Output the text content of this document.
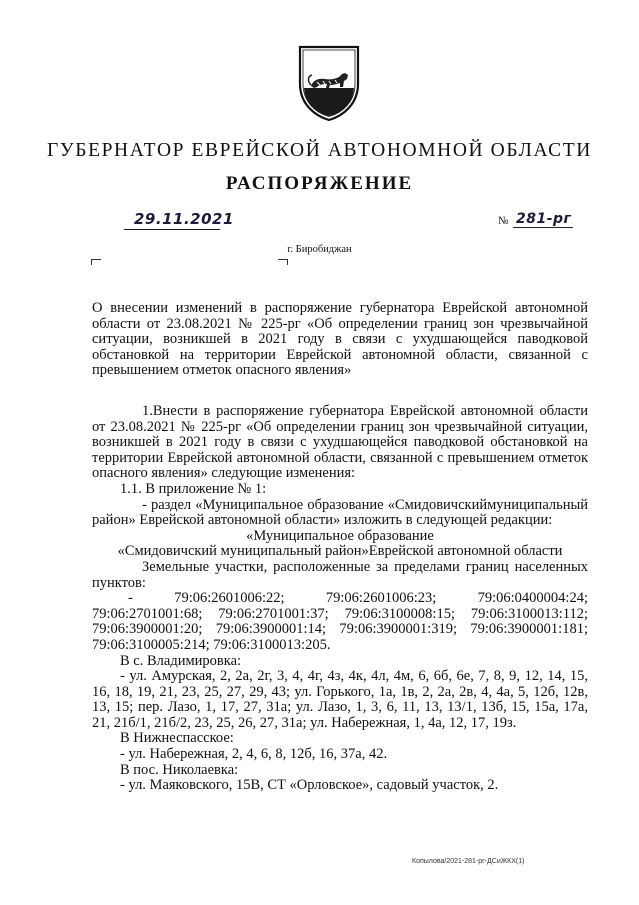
ГУБЕРНАТОР ЕВРЕЙСКОЙ АВТОНОМНОЙ ОБЛАСТИ
РАСПОРЯЖЕНИЕ
29.11.2021	№ 281-рг
г. Биробиджан
О внесении изменений в распоряжение губернатора Еврейской автономной области от 23.08.2021 № 225-рг «Об определении границ зон чрезвычайной ситуации, возникшей в 2021 году в связи с ухудшающейся паводковой обстановкой на территории Еврейской автономной области, связанной с превышением отметок опасного явления»

1.Внести в распоряжение губернатора Еврейской автономной области от 23.08.2021 № 225-рг «Об определении границ зон чрезвычайной ситуации, возникшей в 2021 году в связи с ухудшающейся паводковой обстановкой на территории Еврейской автономной области, связанной с превышением отметок опасного явления» следующие изменения:

1.1. В приложение № 1:

- раздел «Муниципальное образование «Смидовичскиймуниципальный район» Еврейской автономной области» изложить в следующей редакции:

«Муниципальное образование

«Смидовичский муниципальный район»Еврейской автономной области

Земельные участки, расположенные за пределами границ населенных пунктов:

-	79:06:2601006:22;	79:06:2601006:23;	79:06:0400004:24;

79:06:2701001:68; 79:06:2701001:37; 79:06:3100008:15; 79:06:3100013:112; 79:06:3900001:20; 79:06:3900001:14; 79:06:3900001:319; 79:06:3900001:181; 79:06:3100005:214; 79:06:3100013:205.

В с. Владимировка:

- ул. Амурская, 2, 2а, 2г, 3, 4, 4г, 4з, 4к, 4л, 4м, 6, 6б, 6е, 7, 8, 9, 12, 14, 15, 16, 18, 19, 21, 23, 25, 27, 29, 43; ул. Горького, 1а, 1в, 2, 2а, 2в, 4, 4а, 5, 12б, 12в, 13, 15; пер. Лазо, 1, 17, 27, 31а; ул. Лазо, 1, 3, 6, 11, 13, 13/1, 13б, 15, 15а, 17а, 21, 21б/1, 21б/2, 23, 25, 26, 27, 31а; ул. Набережная, 1, 4а, 12, 17, 19з.

В Нижнеспасское:

- ул. Набережная, 2, 4, 6, 8, 12б, 16, 37а, 42.

В пос. Николаевка:

- ул. Маяковского, 15В, СТ «Орловское», садовый участок, 2.

Копылова/2021-281-рг-ДСиЖКХ(1)
